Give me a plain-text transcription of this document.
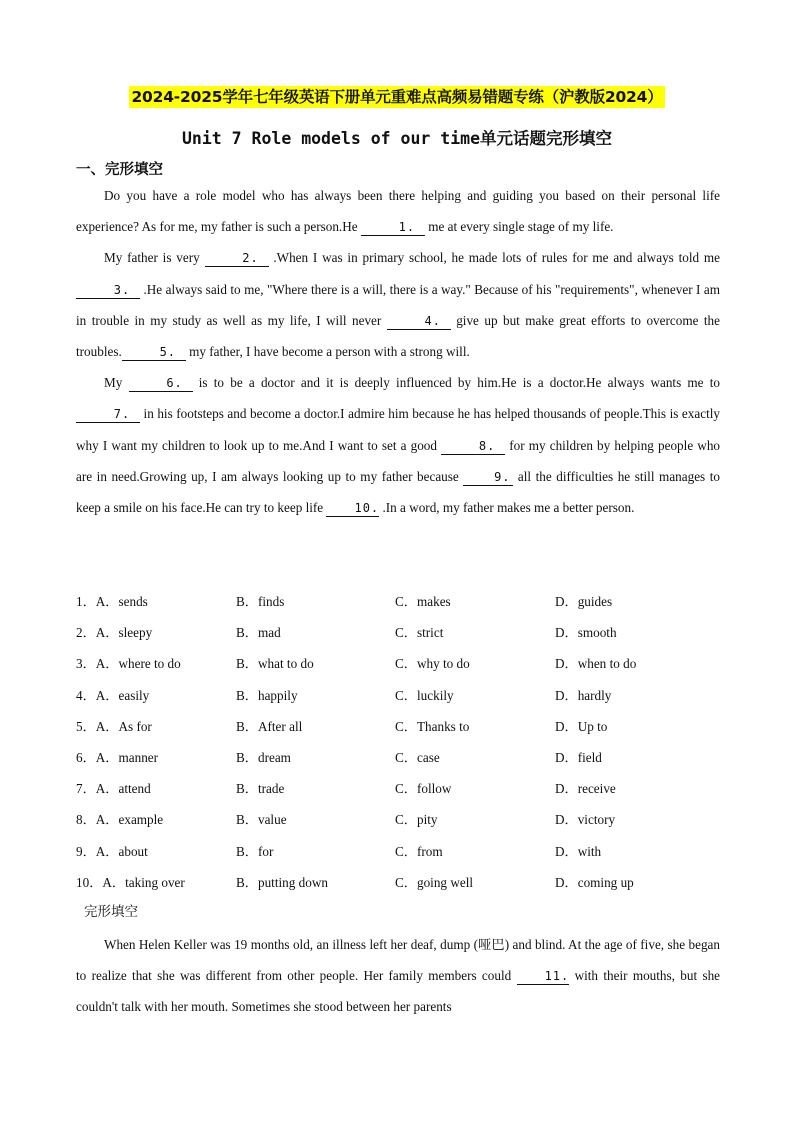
2024-2025学年七年级英语下册单元重难点高频易错题专练（沪教版2024）
Unit 7 Role models of our time单元话题完形填空
一、完形填空

Do you have a role model who has always been there helping and guiding you based on their personal life experience? As for me, my father is such a person.He	1. me at every single stage of my life.

My father is very	2. .When I was in primary school, he made lots of rules for me and always told me 3. .He always said to me, "Where there is a will, there is a way." Because of his "requirements", whenever I am in trouble in my study as well as my life, I will never	4. give up but make great efforts to overcome the troubles.	5. my father, I have become a person with a strong will.

My	6. is to be a doctor and it is deeply influenced by him.He is a doctor.He always wants me to 7. in his footsteps and become a doctor.I admire him because he has helped thousands of people.This is exactly why I want my children to look up to me.And I want to set a good	8. for my children by helping people who are in need.Growing up, I am always looking up to my father because	9. all the difficulties he still manages to keep a smile on his face.He can try to keep life	10. .In a word, my father makes me a better person.

1．A．sends	B．finds	C．makes	D．guides
2．A．sleepy	B．mad	C．strict	D．smooth
3．A．where to do	B．what to do	C．why to do	D．when to do
4．A．easily	B．happily	C．luckily	D．hardly
5．A．As for	B．After all	C．Thanks to	D．Up to
6．A．manner	B．dream	C．case	D．field
7．A．attend	B．trade	C．follow	D．receive
8．A．example	B．value	C．pity	D．victory
9．A．about	B．for	C．from	D．with
10．A．taking over	B．putting down	C．going well	D．coming up
完形填空

When Helen Keller was 19 months old, an illness left her deaf, dump (哑巴) and blind. At the age of five, she began to realize that she was different from other people. Her family members could	11. with their mouths, but she couldn't talk with her mouth. Sometimes she stood between her parents
